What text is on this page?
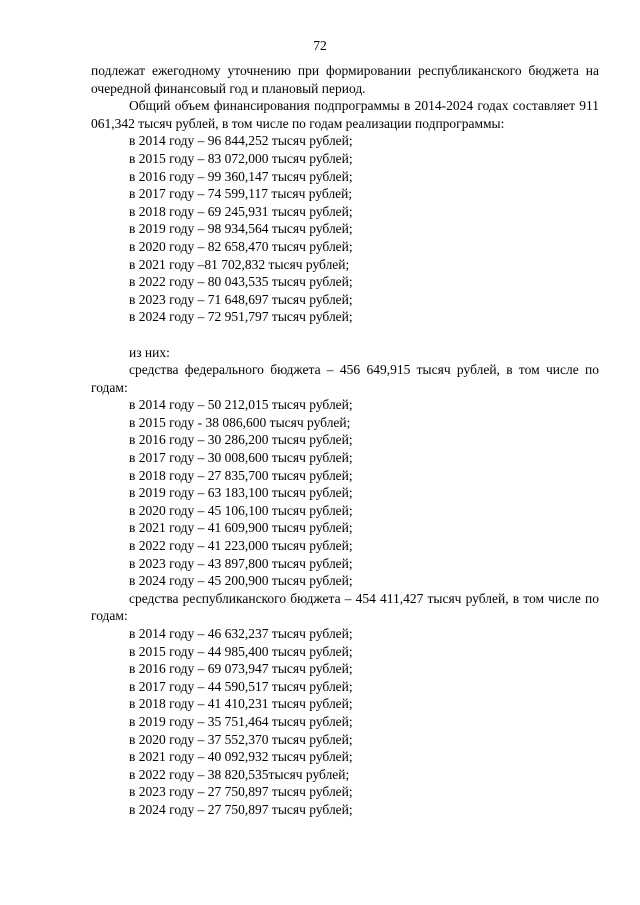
72

подлежат ежегодному уточнению при формировании республиканского бюджета на очередной финансовый год и плановый период.

Общий объем финансирования подпрограммы в 2014-2024 годах составляет 911 061,342 тысяч рублей, в том числе по годам реализации подпрограммы:

в 2014 году – 96 844,252 тысяч рублей;

в 2015 году – 83 072,000 тысяч рублей;

в 2016 году – 99 360,147 тысяч рублей;

в 2017 году – 74 599,117 тысяч рублей;

в 2018 году – 69 245,931 тысяч рублей;

в 2019 году – 98 934,564 тысяч рублей;

в 2020 году – 82 658,470 тысяч рублей;

в 2021 году –81 702,832 тысяч рублей;

в 2022 году – 80 043,535 тысяч рублей;

в 2023 году – 71 648,697 тысяч рублей;

в 2024 году – 72 951,797 тысяч рублей;

из них:

средства федерального бюджета – 456 649,915 тысяч рублей, в том числе по годам:

в 2014 году – 50 212,015 тысяч рублей;

в 2015 году - 38 086,600 тысяч рублей;

в 2016 году – 30 286,200 тысяч рублей;

в 2017 году – 30 008,600 тысяч рублей;

в 2018 году – 27 835,700 тысяч рублей;

в 2019 году – 63 183,100 тысяч рублей;

в 2020 году – 45 106,100 тысяч рублей;

в 2021 году – 41 609,900 тысяч рублей;

в 2022 году – 41 223,000 тысяч рублей;

в 2023 году – 43 897,800 тысяч рублей;

в 2024 году – 45 200,900 тысяч рублей;

средства республиканского бюджета – 454 411,427 тысяч рублей, в том числе по годам:

в 2014 году – 46 632,237 тысяч рублей;

в 2015 году – 44 985,400 тысяч рублей;

в 2016 году – 69 073,947 тысяч рублей;

в 2017 году – 44 590,517 тысяч рублей;

в 2018 году – 41 410,231 тысяч рублей;

в 2019 году – 35 751,464 тысяч рублей;

в 2020 году – 37 552,370 тысяч рублей;

в 2021 году – 40 092,932 тысяч рублей;

в 2022 году – 38 820,535тысяч рублей;

в 2023 году – 27 750,897 тысяч рублей;

в 2024 году – 27 750,897 тысяч рублей;
